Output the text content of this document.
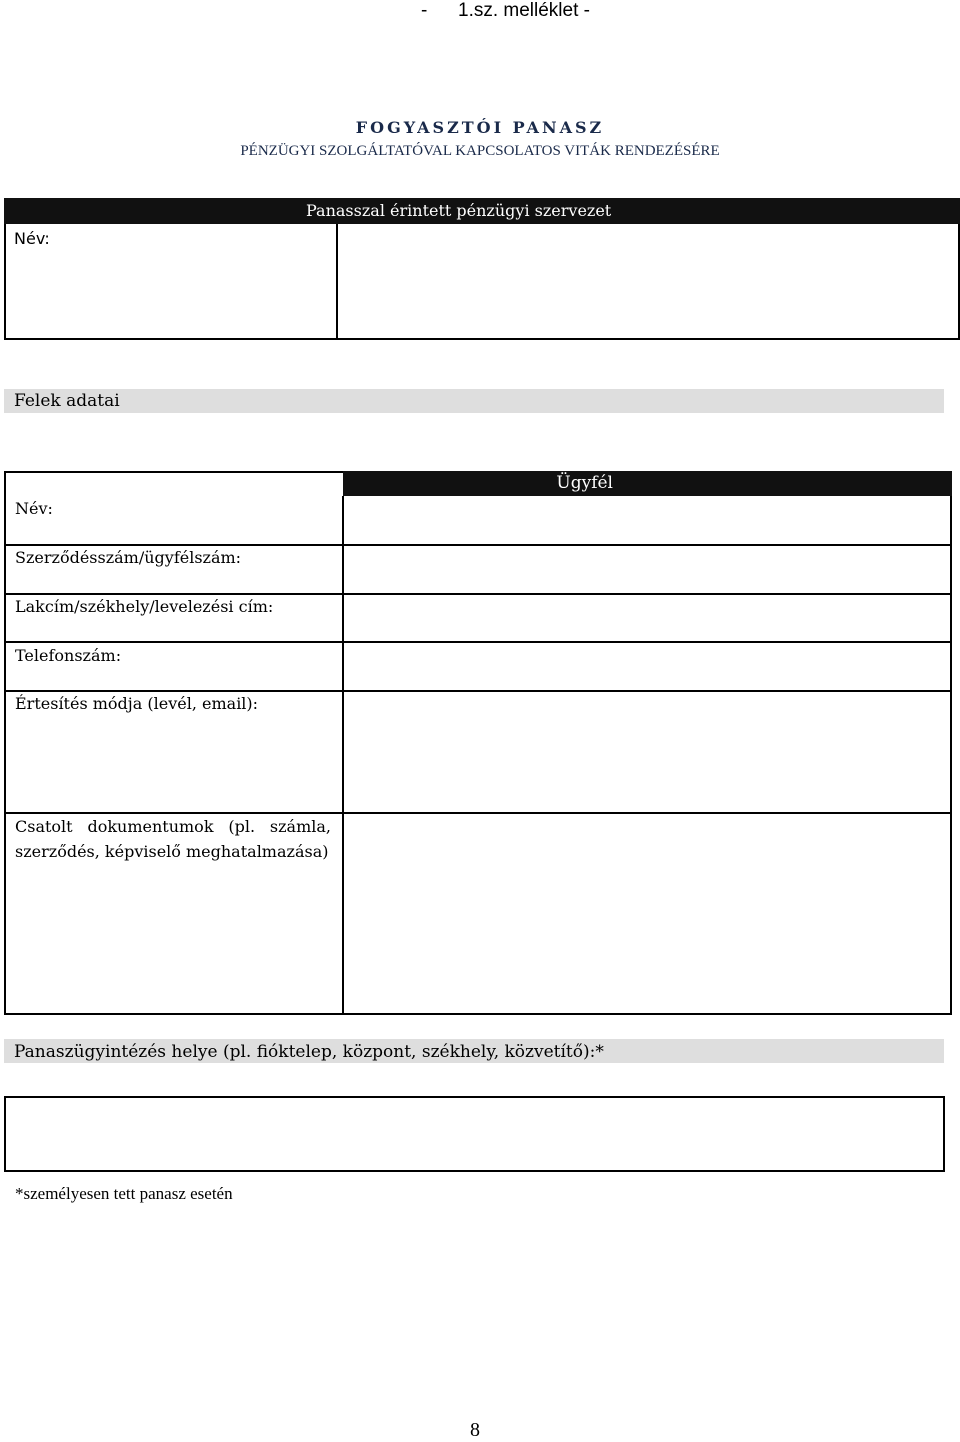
- 1.sz. melléklet -
FOGYASZTÓI PANASZ
PÉNZÜGYI SZOLGÁLTATÓVAL KAPCSOLATOS VITÁK RENDEZÉSÉRE
Panasszal érintett pénzügyi szervezet
Név:
Felek adatai
Ügyfél
Név:
Szerződésszám/ügyfélszám:
Lakcím/székhely/levelezési cím:
Telefonszám:
Értesítés módja (levél, email):
Csatolt dokumentumok (pl. számla, szerződés, képviselő meghatalmazása)
Panaszügyintézés helye (pl. fióktelep, központ, székhely, közvetítő):*
*személyesen tett panasz esetén
8
